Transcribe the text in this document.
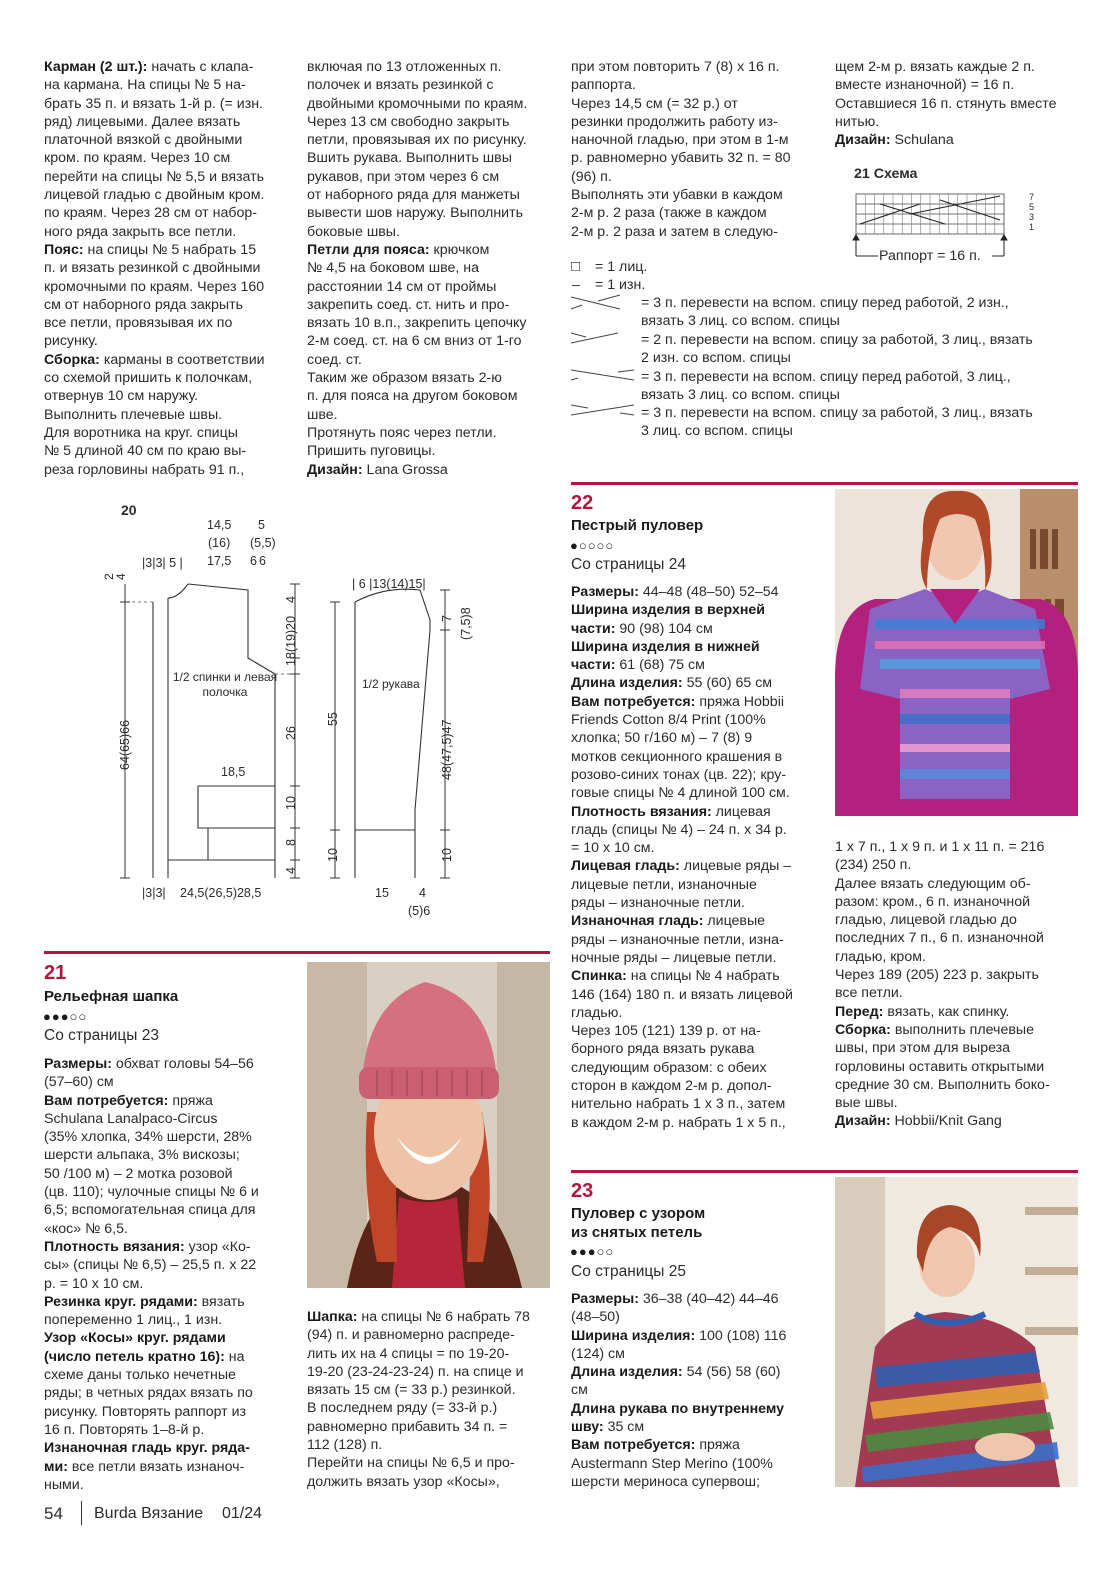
Карман (2 шт.): начать с клапа-
на кармана. На спицы № 5 на-
брать 35 п. и вязать 1-й р. (= изн.
ряд) лицевыми. Далее вязать
платочной вязкой с двойными
кром. по краям. Через 10 см
перейти на спицы № 5,5 и вязать
лицевой гладью с двойным кром.
по краям. Через 28 см от набор-
ного ряда закрыть все петли.

Пояс: на спицы № 5 набрать 15
п. и вязать резинкой с двойными
кромочными по краям. Через 160
см от наборного ряда закрыть
все петли, провязывая их по
рисунку.

Сборка: карманы в соответствии
со схемой пришить к полочкам,
отвернув 10 см наружу.
Выполнить плечевые швы.
Для воротника на круг. спицы
№ 5 длиной 40 см по краю вы-
реза горловины набрать 91 п.,

включая по 13 отложенных п.
полочек и вязать резинкой с
двойными кромочными по краям.
Через 13 см свободно закрыть
петли, провязывая их по рисунку.
Вшить рукава. Выполнить швы
рукавов, при этом через 6 см
от наборного ряда для манжеты
вывести шов наружу. Выполнить
боковые швы.

Петли для пояса: крючком
№ 4,5 на боковом шве, на
расстоянии 14 см от проймы
закрепить соед. ст. нить и про-
вязать 10 в.п., закрепить цепочку
2-м соед. ст. на 6 см вниз от 1-го
соед. ст.
Таким же образом вязать 2-ю
п. для пояса на другом боковом
шве.
Протянуть пояс через петли.
Пришить пуговицы.

Дизайн: Lana Grossa

при этом повторить 7 (8) х 16 п.
раппорта.
Через 14,5 см (= 32 р.) от
резинки продолжить работу из-
наночной гладью, при этом в 1-м
р. равномерно убавить 32 п. = 80
(96) п.
Выполнять эти убавки в каждом
2-м р. 2 раза (также в каждом
2-м р. 2 раза и затем в следую-

щем 2-м р. вязать каждые 2 п.
вместе изнаночной) = 16 п.
Оставшиеся 16 п. стянуть вместе
нитью.

Дизайн: Schulana

21 Схема
Раппорт = 16 п.
7
5
3
1
□ = 1 лиц.
– = 1 изн.
= 3 п. перевести на вспом. спицу перед работой, 2 изн.,
вязать 3 лиц. со вспом. спицы
= 2 п. перевести на вспом. спицу за работой, 3 лиц., вязать
2 изн. со вспом. спицы
= 3 п. перевести на вспом. спицу перед работой, 3 лиц.,
вязать 3 лиц. со вспом. спицы
= 3 п. перевести на вспом. спицу за работой, 3 лиц., вязать
3 лиц. со вспом. спицы
20
14,5
(16)
17,5
5
(5,5)
6 6
|3|3| 5 |
2
4
64(65)66
4
18(19)20
26
10
8
4
18,5
1/2 спинки и левая
полочка
|3|3| 24,5(26,5)28,5
| 6 |13(14)15|
7 (7,5)8
55
48(47,5)47
1/2 рукава
10	10
15 4
(5)6
21
Рельефная шапка
●●●○○
Со страницы 23

Размеры: обхват головы 54–56
(57–60) см

Вам потребуется: пряжа
Schulana Lanalpaco-Circus
(35% хлопка, 34% шерсти, 28%
шерсти альпака, 3% вискозы;
50 /100 м) – 2 мотка розовой
(цв. 110); чулочные спицы № 6 и
6,5; вспомогательная спица для
«кос» № 6,5.

Плотность вязания: узор «Ко-
сы» (спицы № 6,5) – 25,5 п. х 22
р. = 10 х 10 см.

Резинка круг. рядами: вязать
попеременно 1 лиц., 1 изн.

Узор «Косы» круг. рядами
(число петель кратно 16): на
схеме даны только нечетные
ряды; в четных рядах вязать по
рисунку. Повторять раппорт из
16 п. Повторять 1–8-й р.

Изнаночная гладь круг. рядa-
ми: все петли вязать изнаноч-
ными.

Шапка: на спицы № 6 набрать 78
(94) п. и равномерно распреде-
лить их на 4 спицы = по 19-20-
19-20 (23-24-23-24) п. на спице и
вязать 15 см (= 33 р.) резинкой.
В последнем ряду (= 33-й р.)
равномерно прибавить 34 п. =
112 (128) п.
Перейти на спицы № 6,5 и про-
должить вязать узор «Косы»,

22
Пестрый пуловер
●○○○○
Со страницы 24

Размеры: 44–48 (48–50) 52–54

Ширина изделия в верхней
части: 90 (98) 104 см

Ширина изделия в нижней
части: 61 (68) 75 см

Длина изделия: 55 (60) 65 см

Вам потребуется: пряжа Hobbii
Friends Cotton 8/4 Print (100%
хлопка; 50 г/160 м) – 7 (8) 9
мотков секционного крашения в
розово-синих тонах (цв. 22); кру-
говые спицы № 4 длиной 100 см.

Плотность вязания: лицевая
гладь (спицы № 4) – 24 п. х 34 р.
= 10 х 10 см.

Лицевая гладь: лицевые ряды –
лицевые петли, изнаночные
ряды – изнаночные петли.

Изнаночная гладь: лицевые
ряды – изнаночные петли, изна-
ночные ряды – лицевые петли.

Спинка: на спицы № 4 набрать
146 (164) 180 п. и вязать лицевой
гладью.
Через 105 (121) 139 р. от на-
борного ряда вязать рукава
следующим образом: с обеих
сторон в каждом 2-м р. допол-
нительно набрать 1 х 3 п., затем
в каждом 2-м р. набрать 1 х 5 п.,

1 х 7 п., 1 х 9 п. и 1 х 11 п. = 216
(234) 250 п.
Далее вязать следующим об-
разом: кром., 6 п. изнаночной
гладью, лицевой гладью до
последних 7 п., 6 п. изнаночной
гладью, кром.
Через 189 (205) 223 р. закрыть
все петли.

Перед: вязать, как спинку.

Сборка: выполнить плечевые
швы, при этом для выреза
горловины оставить открытыми
средние 30 см. Выполнить боко-
вые швы.

Дизайн: Hobbii/Knit Gang

23
Пуловер с узором
из снятых петель
●●●○○
Со страницы 25

Размеры: 36–38 (40–42) 44–46
(48–50)

Ширина изделия: 100 (108) 116
(124) см

Длина изделия: 54 (56) 58 (60)
см

Длина рукава по внутреннему
шву: 35 см

Вам потребуется: пряжа
Austermann Step Merino (100%
шерсти мериноса супервош;

54 Burda Вязание 01/24
